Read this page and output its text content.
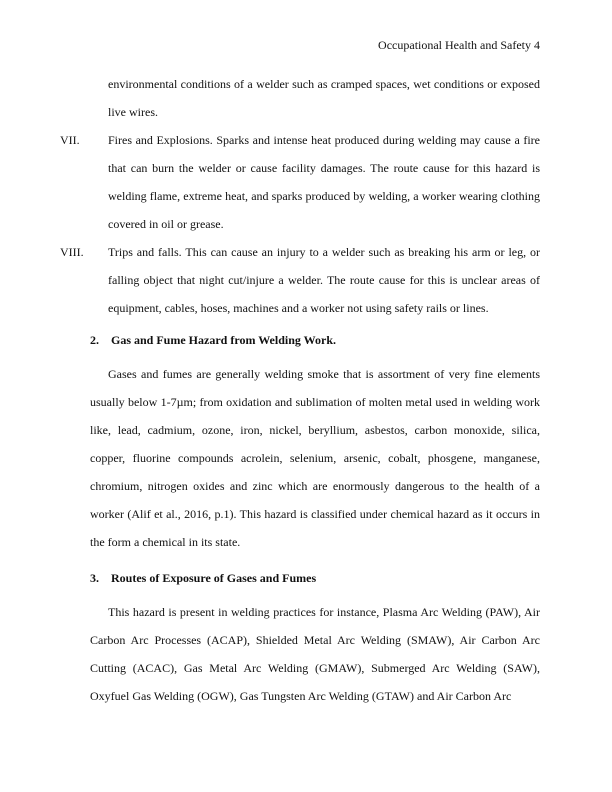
Occupational Health and Safety 4

environmental conditions of a welder such as cramped spaces, wet conditions or exposed live wires.

VII.	Fires and Explosions. Sparks and intense heat produced during welding may cause a fire that can burn the welder or cause facility damages. The route cause for this hazard is welding flame, extreme heat, and sparks produced by welding, a worker wearing clothing covered in oil or grease.
VIII.	Trips and falls. This can cause an injury to a welder such as breaking his arm or leg, or falling object that night cut/injure a welder. The route cause for this is unclear areas of equipment, cables, hoses, machines and a worker not using safety rails or lines.
2. Gas and Fume Hazard from Welding Work.

Gases and fumes are generally welding smoke that is assortment of very fine elements usually below 1-7µm; from oxidation and sublimation of molten metal used in welding work like, lead, cadmium, ozone, iron, nickel, beryllium, asbestos, carbon monoxide, silica, copper, fluorine compounds acrolein, selenium, arsenic, cobalt, phosgene, manganese, chromium, nitrogen oxides and zinc which are enormously dangerous to the health of a worker (Alif et al., 2016, p.1). This hazard is classified under chemical hazard as it occurs in the form a chemical in its state.

3. Routes of Exposure of Gases and Fumes

This hazard is present in welding practices for instance, Plasma Arc Welding (PAW), Air Carbon Arc Processes (ACAP), Shielded Metal Arc Welding (SMAW), Air Carbon Arc Cutting (ACAC), Gas Metal Arc Welding (GMAW), Submerged Arc Welding (SAW), Oxyfuel Gas Welding (OGW), Gas Tungsten Arc Welding (GTAW) and Air Carbon Arc
